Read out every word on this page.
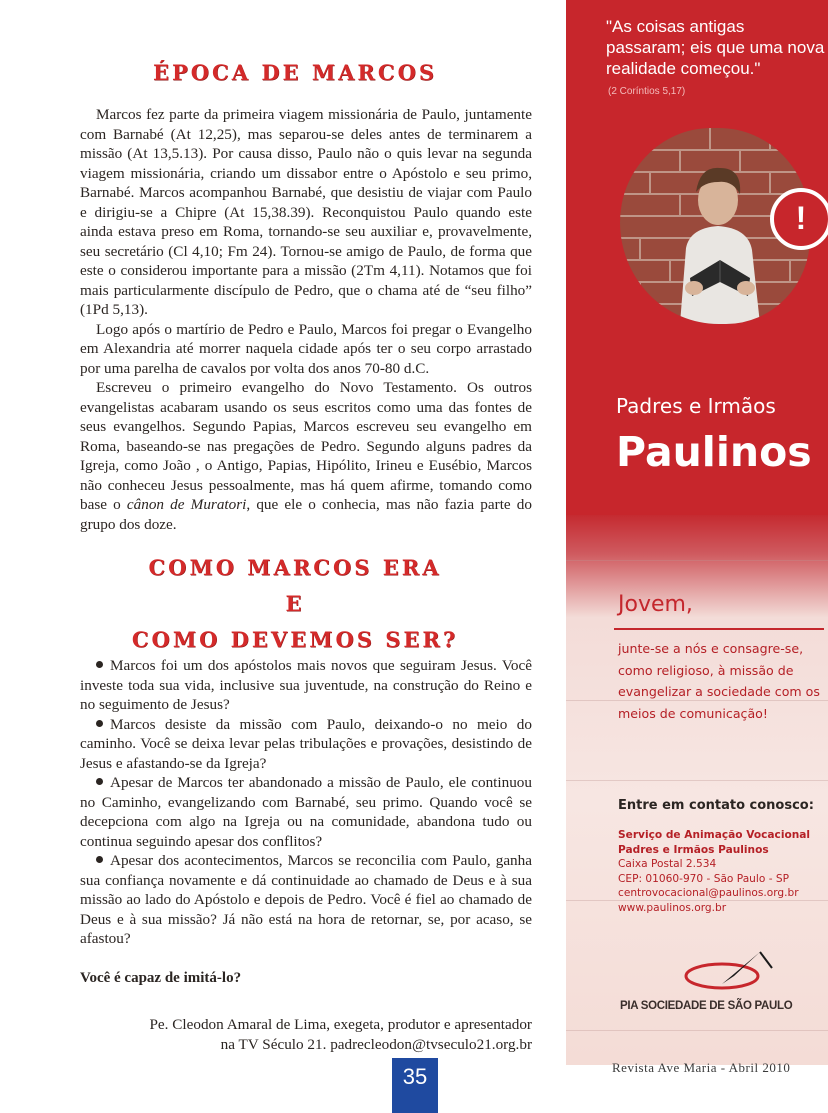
ÉPOCA DE MARCOS

Marcos fez parte da primeira viagem missionária de Paulo, juntamente com Barnabé (At 12,25), mas separou-se deles antes de terminarem a missão (At 13,5.13). Por causa disso, Paulo não o quis levar na segunda viagem missionária, criando um dissabor entre o Apóstolo e seu primo, Barnabé. Marcos acompanhou Barnabé, que desistiu de viajar com Paulo e dirigiu-se a Chipre (At 15,38.39). Reconquistou Paulo quando este ainda estava preso em Roma, tornando-se seu auxiliar e, provavelmente, seu secretário (Cl 4,10; Fm 24). Tornou-se amigo de Paulo, de forma que este o considerou importante para a missão (2Tm 4,11). Notamos que foi mais particularmente discípulo de Pedro, que o chama até de “seu filho” (1Pd 5,13).

Logo após o martírio de Pedro e Paulo, Marcos foi pregar o Evangelho em Alexandria até morrer naquela cidade após ter o seu corpo arrastado por uma parelha de cavalos por volta dos anos 70-80 d.C.

Escreveu o primeiro evangelho do Novo Testamento. Os outros evangelistas acabaram usando os seus escritos como uma das fontes de seus evangelhos. Segundo Papias, Marcos escreveu seu evangelho em Roma, baseando-se nas pregações de Pedro. Segundo alguns padres da Igreja, como João , o Antigo, Papias, Hipólito, Irineu e Eusébio, Marcos não conheceu Jesus pessoalmente, mas há quem afirme, tomando como base o cânon de Muratori, que ele o conhecia, mas não fazia parte do grupo dos doze.

COMO MARCOS ERA
E
COMO DEVEMOS SER?
Marcos foi um dos apóstolos mais novos que seguiram Jesus. Você investe toda sua vida, inclusive sua juventude, na construção do Reino e no seguimento de Jesus?
Marcos desiste da missão com Paulo, deixando-o no meio do caminho. Você se deixa levar pelas tribulações e provações, desistindo de Jesus e afastando-se da Igreja?
Apesar de Marcos ter abandonado a missão de Paulo, ele continuou no Caminho, evangelizando com Barnabé, seu primo. Quando você se decepciona com algo na Igreja ou na comunidade, abandona tudo ou continua seguindo apesar dos conflitos?
Apesar dos acontecimentos, Marcos se reconcilia com Paulo, ganha sua confiança novamente e dá continuidade ao chamado de Deus e à sua missão ao lado do Apóstolo e depois de Pedro. Você é fiel ao chamado de Deus e à sua missão? Já não está na hora de retornar, se, por acaso, se afastou?
Você é capaz de imitá-lo?
Pe. Cleodon Amaral de Lima, exegeta, produtor e apresentador
na TV Século 21. padrecleodon@tvseculo21.org.br
35
"As coisas antigas passaram; eis que uma nova realidade começou."
(2 Coríntios 5,17)
!
Padres e Irmãos
Paulinos
Jovem,
junte-se a nós e consagre-se, como religioso, à missão de evangelizar a sociedade com os meios de comunicação!
Entre em contato conosco:
Serviço de Animação Vocacional
Padres e Irmãos Paulinos
Caixa Postal 2.534
CEP: 01060-970 - São Paulo - SP
centrovocacional@paulinos.org.br
www.paulinos.org.br
PIA SOCIEDADE DE SÃO PAULO
Revista Ave Maria - Abril 2010
